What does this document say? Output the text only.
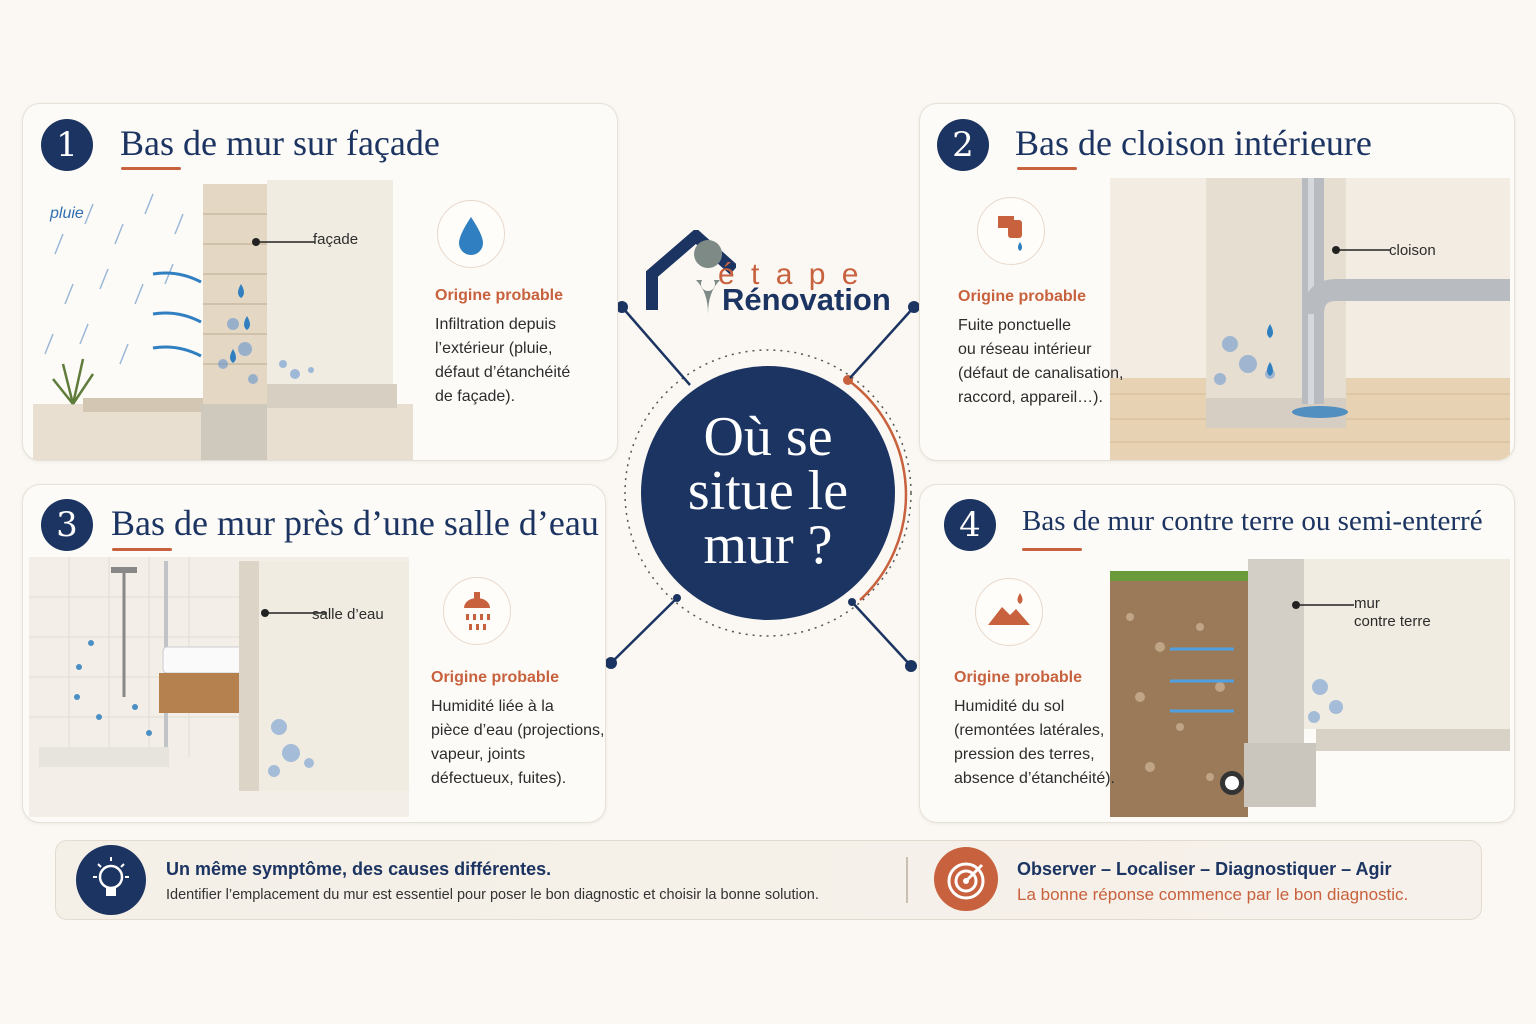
Où se
situe le
mur ?
é t a p e
Rénovation
1	Bas de mur sur façade
pluie
façade
Origine probable
Infiltration depuis
l’extérieur (pluie,
défaut d’étanchéité
de façade).
2	Bas de cloison intérieure
cloison
Origine probable
Fuite ponctuelle
ou réseau intérieur
(défaut de canalisation,
raccord, appareil…).
3 Bas de mur près d’une salle d’eau
salle d’eau
Origine probable
Humidité liée à la
pièce d’eau (projections,
vapeur, joints
défectueux, fuites).
4	Bas de mur contre terre ou semi-enterré
mur
contre terre
Origine probable
Humidité du sol
(remontées latérales,
pression des terres,
absence d’étanchéité).
Un même symptôme, des causes différentes.
Identifier l’emplacement du mur est essentiel pour poser le bon diagnostic et choisir la bonne solution.
Observer – Localiser – Diagnostiquer – Agir
La bonne réponse commence par le bon diagnostic.
